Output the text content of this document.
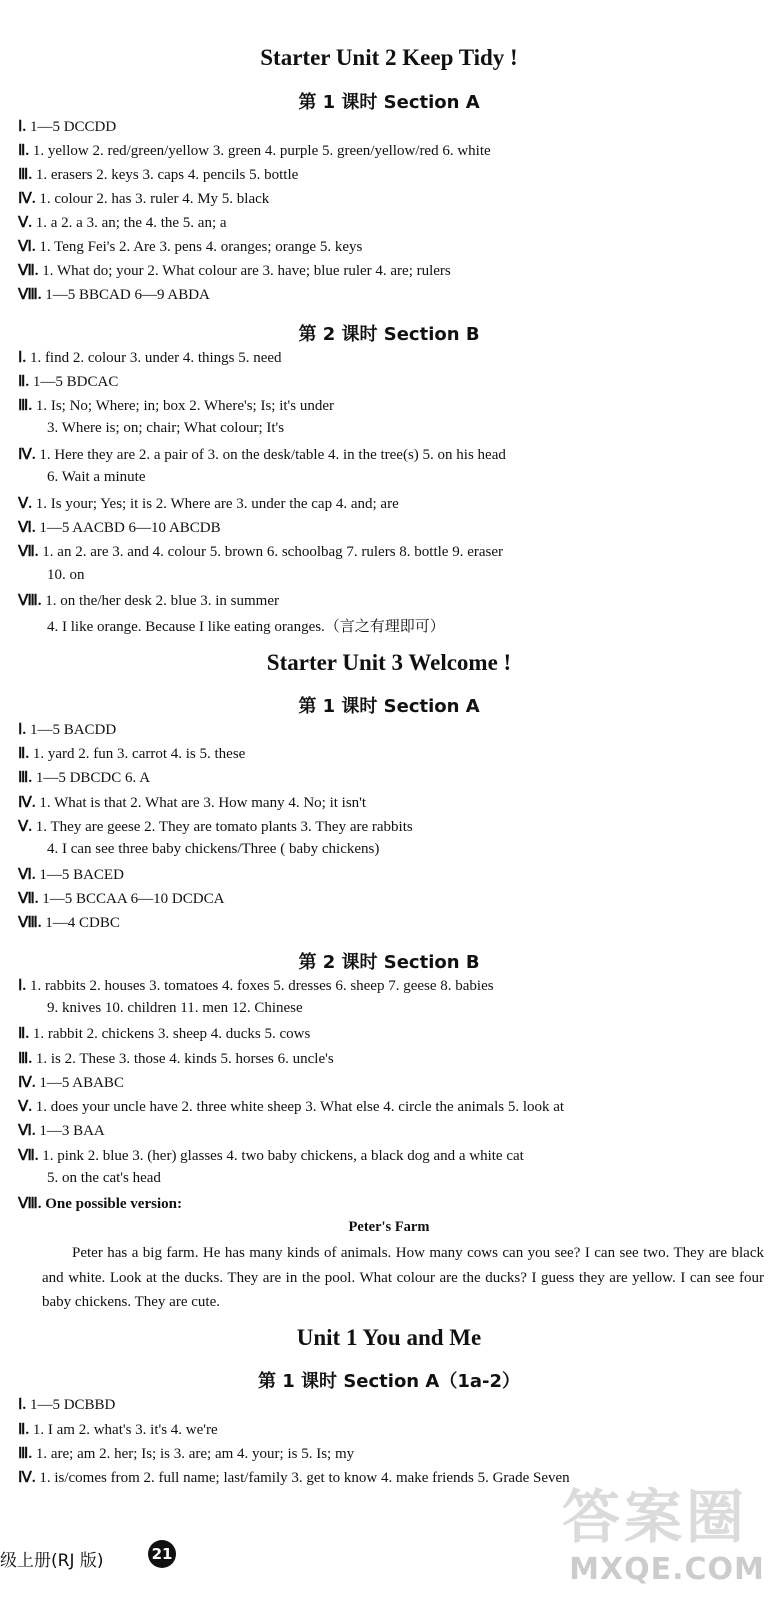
Starter Unit 2 Keep Tidy !
第 1 课时 Section A
Ⅰ. 1—5 DCCDD
Ⅱ. 1. yellow 2. red/green/yellow 3. green 4. purple 5. green/yellow/red 6. white
Ⅲ. 1. erasers 2. keys 3. caps 4. pencils 5. bottle
Ⅳ. 1. colour 2. has 3. ruler 4. My 5. black
Ⅴ. 1. a 2. a 3. an; the 4. the 5. an; a
Ⅵ. 1. Teng Fei's 2. Are 3. pens 4. oranges; orange 5. keys
Ⅶ. 1. What do; your 2. What colour are 3. have; blue ruler 4. are; rulers
Ⅷ. 1—5 BBCAD 6—9 ABDA
第 2 课时 Section B
Ⅰ. 1. find 2. colour 3. under 4. things 5. need
Ⅱ. 1—5 BDCAC
Ⅲ. 1. Is; No; Where; in; box 2. Where's; Is; it's under
3. Where is; on; chair; What colour; It's
Ⅳ. 1. Here they are 2. a pair of 3. on the desk/table 4. in the tree(s) 5. on his head
6. Wait a minute
Ⅴ. 1. Is your; Yes; it is 2. Where are 3. under the cap 4. and; are
Ⅵ. 1—5 AACBD 6—10 ABCDB
Ⅶ. 1. an 2. are 3. and 4. colour 5. brown 6. schoolbag 7. rulers 8. bottle 9. eraser
10. on
Ⅷ. 1. on the/her desk 2. blue 3. in summer
4. I like orange. Because I like eating oranges.（言之有理即可）
Starter Unit 3 Welcome !
第 1 课时 Section A
Ⅰ. 1—5 BACDD
Ⅱ. 1. yard 2. fun 3. carrot 4. is 5. these
Ⅲ. 1—5 DBCDC 6. A
Ⅳ. 1. What is that 2. What are 3. How many 4. No; it isn't
Ⅴ. 1. They are geese 2. They are tomato plants 3. They are rabbits
4. I can see three baby chickens/Three ( baby chickens)
Ⅵ. 1—5 BACED
Ⅶ. 1—5 BCCAA 6—10 DCDCA
Ⅷ. 1—4 CDBC
第 2 课时 Section B
Ⅰ. 1. rabbits 2. houses 3. tomatoes 4. foxes 5. dresses 6. sheep 7. geese 8. babies
9. knives 10. children 11. men 12. Chinese
Ⅱ. 1. rabbit 2. chickens 3. sheep 4. ducks 5. cows
Ⅲ. 1. is 2. These 3. those 4. kinds 5. horses 6. uncle's
Ⅳ. 1—5 ABABC
Ⅴ. 1. does your uncle have 2. three white sheep 3. What else 4. circle the animals 5. look at
Ⅵ. 1—3 BAA
Ⅶ. 1. pink 2. blue 3. (her) glasses 4. two baby chickens, a black dog and a white cat
5. on the cat's head
Ⅷ. One possible version:
Peter's Farm
Peter has a big farm. He has many kinds of animals. How many cows can you see? I can see two. They are black and white. Look at the ducks. They are in the pool. What colour are the ducks? I guess they are yellow. I can see four baby chickens. They are cute.
Unit 1 You and Me
第 1 课时 Section A（1a-2）
Ⅰ. 1—5 DCBBD
Ⅱ. 1. I am 2. what's 3. it's 4. we're
Ⅲ. 1. are; am 2. her; Is; is 3. are; am 4. your; is 5. Is; my
Ⅳ. 1. is/comes from 2. full name; last/family 3. get to know 4. make friends 5. Grade Seven
级上册(RJ 版)	21
答案圈
MXQE.COM
